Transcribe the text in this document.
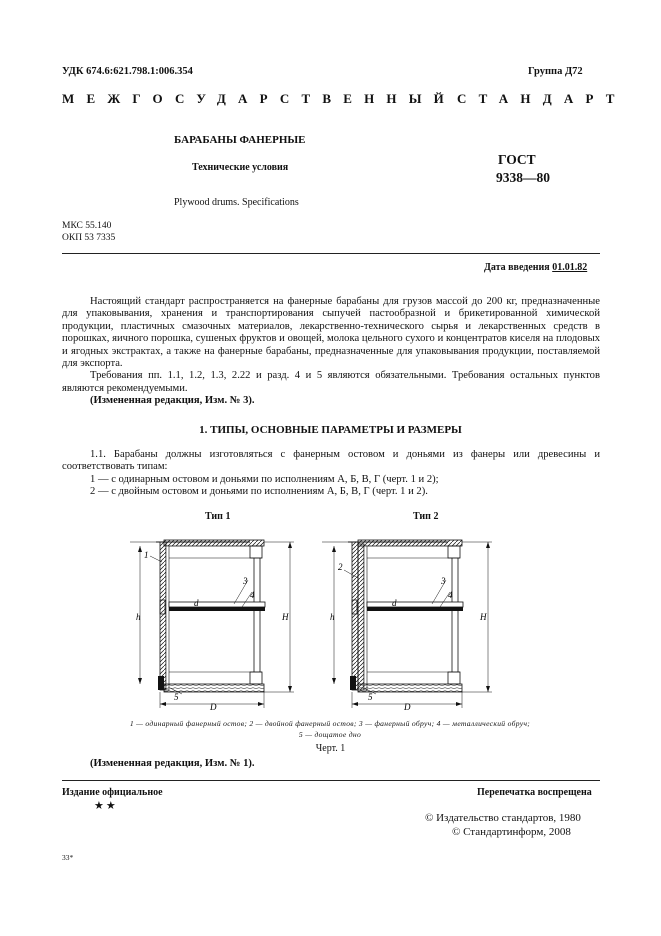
УДК 674.6:621.798.1:006.354	Группа Д72
МЕЖГОСУДАРСТВЕННЫЙ СТАНДАРТ
БАРАБАНЫ ФАНЕРНЫЕ
Технические условия
Plywood drums. Specifications
ГОСТ
9338—80
МКС 55.140
ОКП 53 7335
Дата введения 01.01.82

Настоящий стандарт распространяется на фанерные барабаны для грузов массой до 200 кг, предназначенные для упаковывания, хранения и транспортирования сыпучей пастообразной и брикетированной химической продукции, пластичных смазочных материалов, лекарственно-технического сырья и лекарственных средств в порошках, яичного порошка, сушеных фруктов и овощей, молока цельного сухого и концентратов киселя на плодовых и ягодных экстрактах, а также на фанерные барабаны, предназначенные для упаковывания продукции, поставляемой для экспорта.

Требования пп. 1.1, 1.2, 1.3, 2.22 и разд. 4 и 5 являются обязательными. Требования остальных пунктов являются рекомендуемыми.

(Измененная редакция, Изм. № 3).

1. ТИПЫ, ОСНОВНЫЕ ПАРАМЕТРЫ И РАЗМЕРЫ

1.1. Барабаны должны изготовляться с фанерным остовом и доньями из фанеры или древесины и соответствовать типам:

1 — с одинарным остовом и доньями по исполнениям А, Б, В, Г (черт. 1 и 2);

2 — с двойным остовом и доньями по исполнениям А, Б, В, Г (черт. 1 и 2).

Тип 1	Тип 2
1
3
4
d
h	H
5
D
2
3
4
d
h	H
5
D
1 — одинарный фанерный остов; 2 — двойной фанерный остов; 3 — фанерный обруч; 4 — металлический обруч;
5 — дощатое дно
Черт. 1
(Измененная редакция, Изм. № 1).
Издание официальное
★★
Перепечатка воспрещена
© Издательство стандартов, 1980
© Стандартинформ, 2008
33*
